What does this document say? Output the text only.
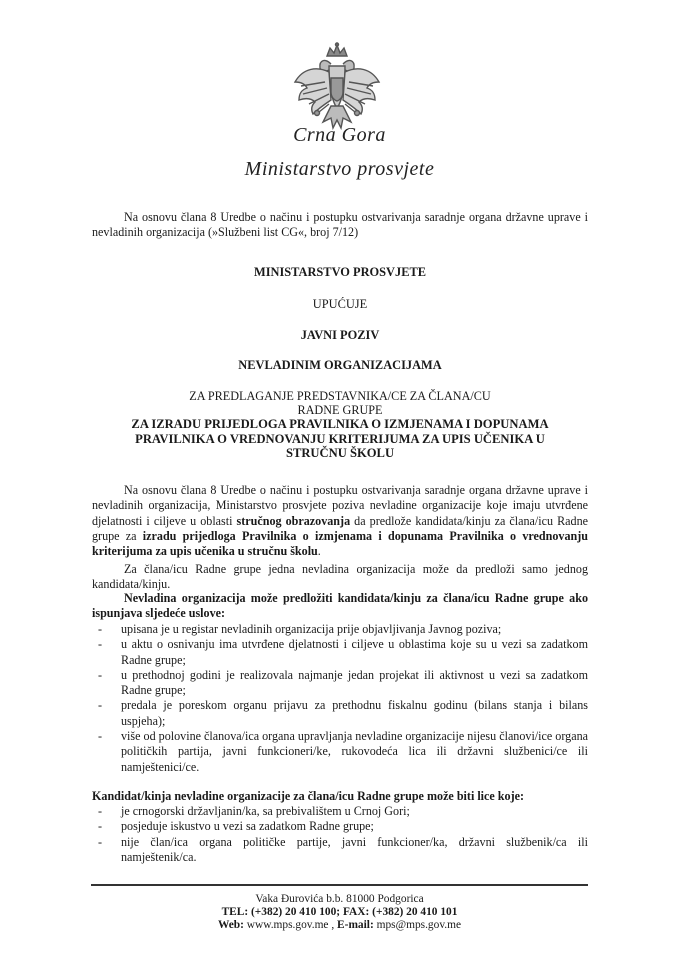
Crna Gora
Ministarstvo prosvjete

Na osnovu člana 8 Uredbe o načinu i postupku ostvarivanja saradnje organa državne uprave i nevladinih organizacija (»Službeni list CG«, broj 7/12)

MINISTARSTVO PROSVJETE
UPUĆUJE
JAVNI POZIV
NEVLADINIM ORGANIZACIJAMA
ZA PREDLAGANJE PREDSTAVNIKA/CE ZA ČLANA/CU
RADNE GRUPE
ZA IZRADU PRIJEDLOGA PRAVILNIKA O IZMJENAMA I DOPUNAMA PRAVILNIKA O VREDNOVANJU KRITERIJUMA ZA UPIS UČENIKA U STRUČNU ŠKOLU

Na osnovu člana 8 Uredbe o načinu i postupku ostvarivanja saradnje organa državne uprave i nevladinih organizacija, Ministarstvo prosvjete poziva nevladine organizacije koje imaju utvrđene djelatnosti i ciljeve u oblasti stručnog obrazovanja da predlože kandidata/kinju za člana/icu Radne grupe za izradu prijedloga Pravilnika o izmjenama i dopunama Pravilnika o vrednovanju kriterijuma za upis učenika u stručnu školu.

Za člana/icu Radne grupe jedna nevladina organizacija može da predloži samo jednog kandidata/kinju.

Nevladina organizacija može predložiti kandidata/kinju za člana/icu Radne grupe ako ispunjava sljedeće uslove:

- upisana je u registar nevladinih organizacija prije objavljivanja Javnog poziva;
- u aktu o osnivanju ima utvrđene djelatnosti i ciljeve u oblastima koje su u vezi sa zadatkom Radne grupe;
- u prethodnoj godini je realizovala najmanje jedan projekat ili aktivnost u vezi sa zadatkom Radne grupe;
- predala je poreskom organu prijavu za prethodnu fiskalnu godinu (bilans stanja i bilans uspjeha);
- više od polovine članova/ica organa upravljanja nevladine organizacije nijesu članovi/ice organa političkih partija, javni funkcioneri/ke, rukovodeća lica ili državni službenici/ce ili namještenici/ce.

Kandidat/kinja nevladine organizacije za člana/icu Radne grupe može biti lice koje:

- je crnogorski državljanin/ka, sa prebivalištem u Crnoj Gori;
- posjeduje iskustvo u vezi sa zadatkom Radne grupe;
- nije član/ica organa političke partije, javni funkcioner/ka, državni službenik/ca ili namještenik/ca.
Vaka Đurovića b.b. 81000 Podgorica
TEL: (+382) 20 410 100; FAX: (+382) 20 410 101
Web: www.mps.gov.me , E-mail: mps@mps.gov.me
